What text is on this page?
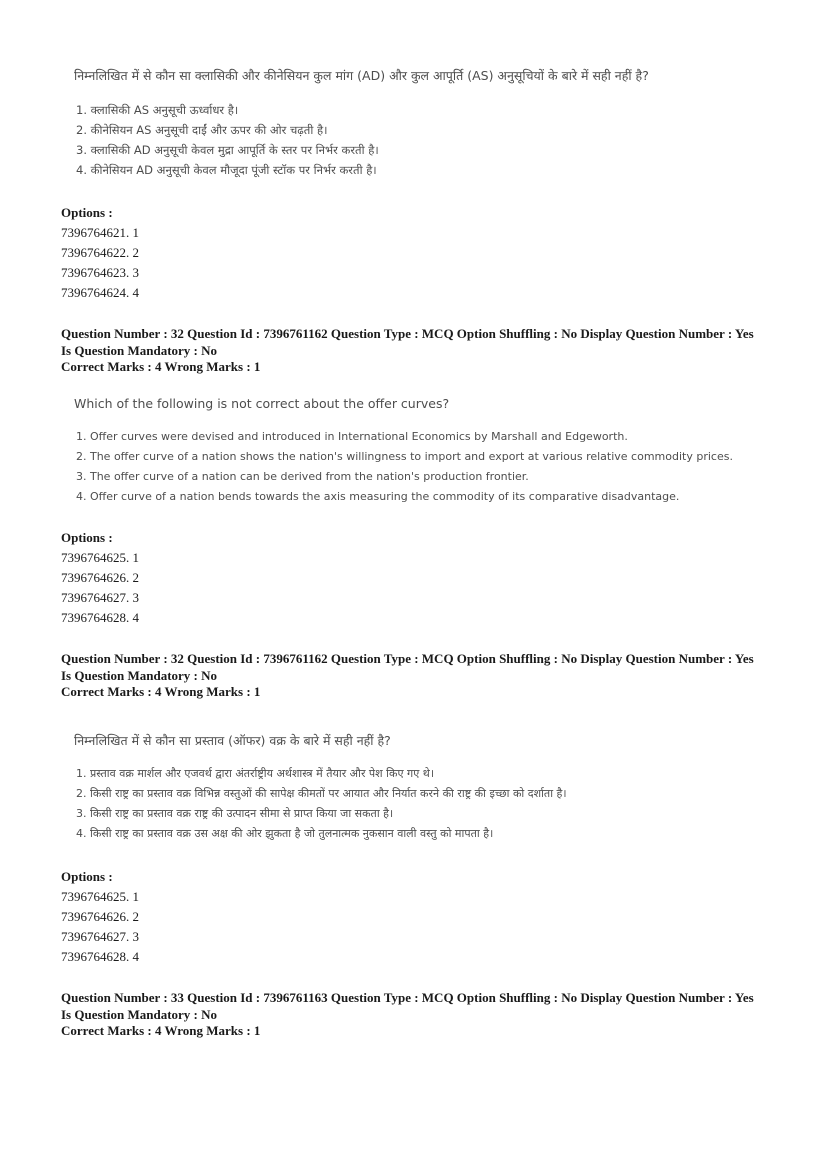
निम्नलिखित में से कौन सा क्लासिकी और कीनेसियन कुल मांग (AD) और कुल आपूर्ति (AS) अनुसूचियों के बारे में सही नहीं है?
1. क्लासिकी AS अनुसूची ऊर्ध्वाधर है।
2. कीनेसियन AS अनुसूची दाईं और ऊपर की ओर चढ़ती है।
3. क्लासिकी AD अनुसूची केवल मुद्रा आपूर्ति के स्तर पर निर्भर करती है।
4. कीनेसियन AD अनुसूची केवल मौजूदा पूंजी स्टॉक पर निर्भर करती है।
Options :
7396764621. 1
7396764622. 2
7396764623. 3
7396764624. 4
Question Number : 32 Question Id : 7396761162 Question Type : MCQ Option Shuffling : No Display Question Number : Yes
Is Question Mandatory : No
Correct Marks : 4 Wrong Marks : 1
Which of the following is not correct about the offer curves?
1. Offer curves were devised and introduced in International Economics by Marshall and Edgeworth.
2. The offer curve of a nation shows the nation's willingness to import and export at various relative commodity prices.
3. The offer curve of a nation can be derived from the nation's production frontier.
4. Offer curve of a nation bends towards the axis measuring the commodity of its comparative disadvantage.
Options :
7396764625. 1
7396764626. 2
7396764627. 3
7396764628. 4
Question Number : 32 Question Id : 7396761162 Question Type : MCQ Option Shuffling : No Display Question Number : Yes
Is Question Mandatory : No
Correct Marks : 4 Wrong Marks : 1
निम्नलिखित में से कौन सा प्रस्ताव (ऑफर) वक्र के बारे में सही नहीं है?
1. प्रस्ताव वक्र मार्शल और एजवर्थ द्वारा अंतर्राष्ट्रीय अर्थशास्त्र में तैयार और पेश किए गए थे।
2. किसी राष्ट्र का प्रस्ताव वक्र विभिन्न वस्तुओं की सापेक्ष कीमतों पर आयात और निर्यात करने की राष्ट्र की इच्छा को दर्शाता है।
3. किसी राष्ट्र का प्रस्ताव वक्र राष्ट्र की उत्पादन सीमा से प्राप्त किया जा सकता है।
4. किसी राष्ट्र का प्रस्ताव वक्र उस अक्ष की ओर झुकता है जो तुलनात्मक नुकसान वाली वस्तु को मापता है।
Options :
7396764625. 1
7396764626. 2
7396764627. 3
7396764628. 4
Question Number : 33 Question Id : 7396761163 Question Type : MCQ Option Shuffling : No Display Question Number : Yes
Is Question Mandatory : No
Correct Marks : 4 Wrong Marks : 1
